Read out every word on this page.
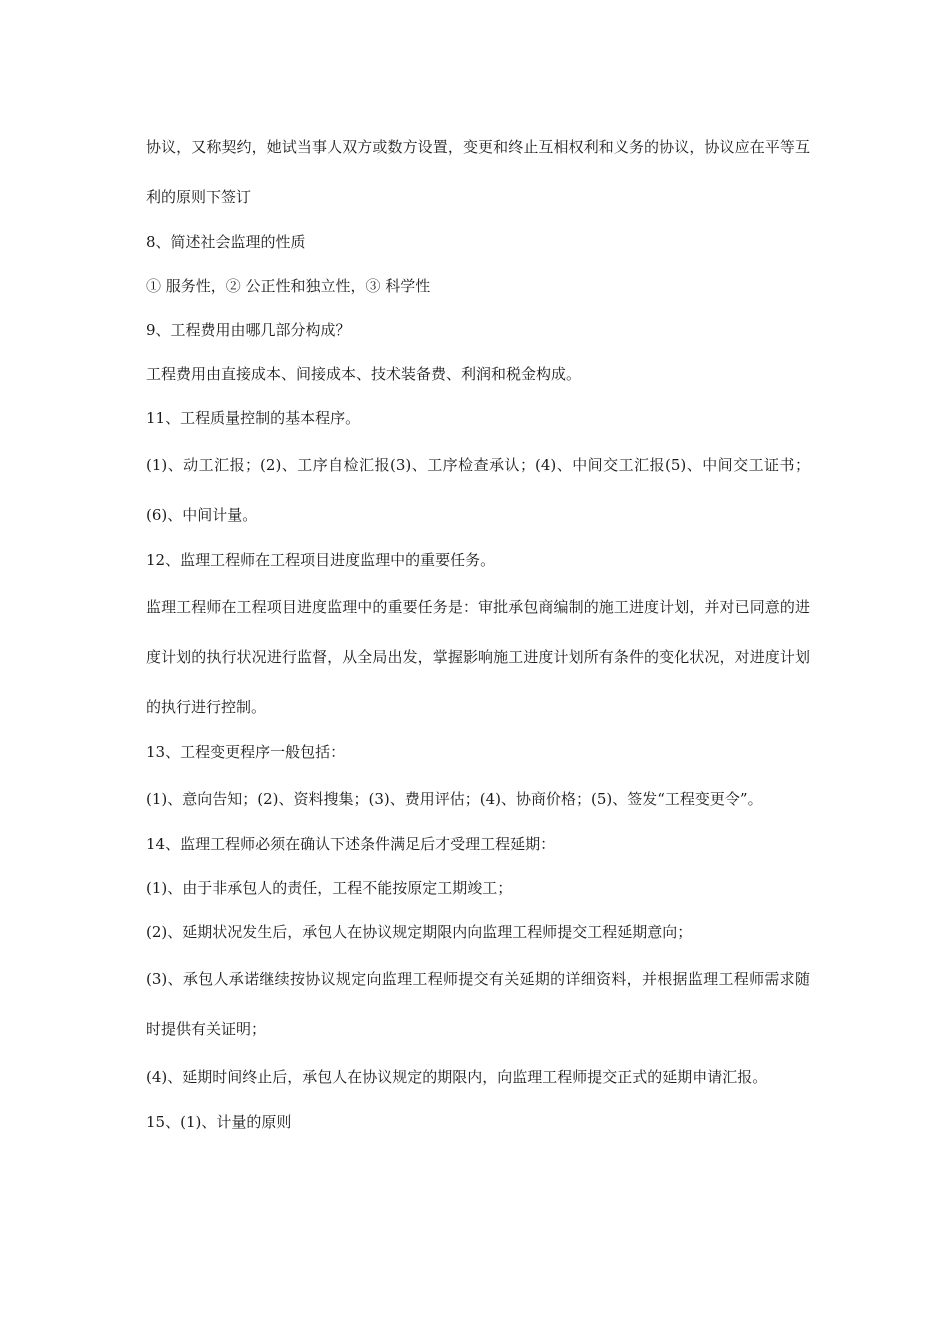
协议，又称契约，她试当事人双方或数方设置，变更和终止互相权利和义务的协议，协议应在平等互利的原则下签订

8、简述社会监理的性质

① 服务性，② 公正性和独立性，③ 科学性

9、工程费用由哪几部分构成？

工程费用由直接成本、间接成本、技术装备费、利润和税金构成。

11、工程质量控制的基本程序。

(1)、动工汇报；(2)、工序自检汇报(3)、工序检查承认；(4)、中间交工汇报(5)、中间交工证书；(6)、中间计量。

12、监理工程师在工程项目进度监理中的重要任务。

监理工程师在工程项目进度监理中的重要任务是：审批承包商编制的施工进度计划，并对已同意的进度计划的执行状况进行监督，从全局出发，掌握影响施工进度计划所有条件的变化状况，对进度计划的执行进行控制。

13、工程变更程序一般包括：

(1)、意向告知；(2)、资料搜集；(3)、费用评估；(4)、协商价格；(5)、签发“工程变更令”。

14、监理工程师必须在确认下述条件满足后才受理工程延期：

(1)、由于非承包人的责任，工程不能按原定工期竣工；

(2)、延期状况发生后，承包人在协议规定期限内向监理工程师提交工程延期意向；

(3)、承包人承诺继续按协议规定向监理工程师提交有关延期的详细资料，并根据监理工程师需求随时提供有关证明；

(4)、延期时间终止后，承包人在协议规定的期限内，向监理工程师提交正式的延期申请汇报。

15、(1)、计量的原则
